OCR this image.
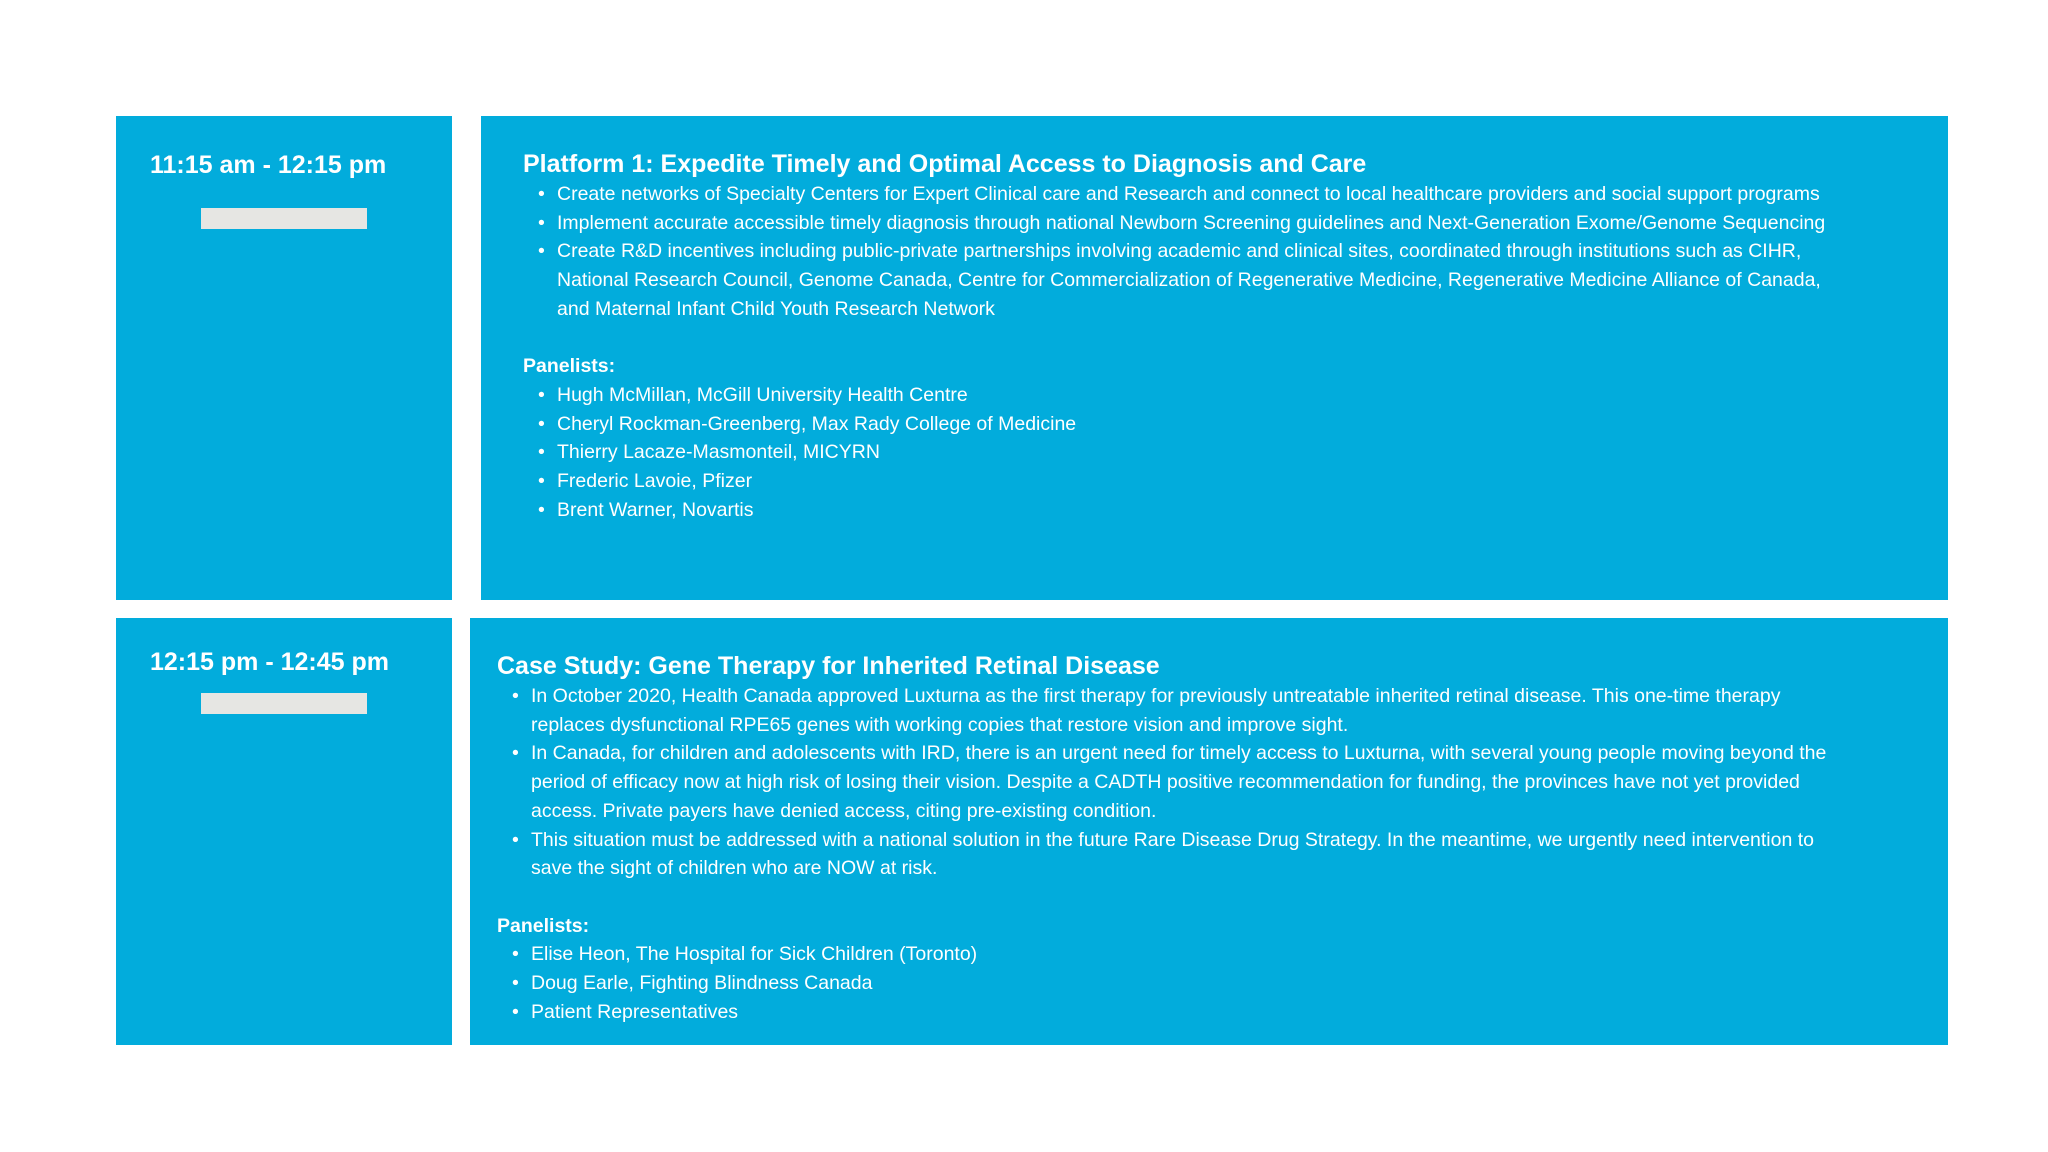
11:15 am - 12:15 pm	Platform 1: Expedite Timely and Optimal Access to Diagnosis and Care
• Create networks of Specialty Centers for Expert Clinical care and Research and connect to local healthcare providers and social support programs
• Implement accurate accessible timely diagnosis through national Newborn Screening guidelines and Next-Generation Exome/Genome Sequencing
• Create R&D incentives including public-private partnerships involving academic and clinical sites, coordinated through institutions such as CIHR, National Research Council, Genome Canada, Centre for Commercialization of Regenerative Medicine, Regenerative Medicine Alliance of Canada, and Maternal Infant Child Youth Research Network
Panelists:
• Hugh McMillan, McGill University Health Centre
• Cheryl Rockman-Greenberg, Max Rady College of Medicine
• Thierry Lacaze-Masmonteil, MICYRN
• Frederic Lavoie, Pfizer
• Brent Warner, Novartis
12:15 pm - 12:45 pm	Case Study: Gene Therapy for Inherited Retinal Disease
• In October 2020, Health Canada approved Luxturna as the first therapy for previously untreatable inherited retinal disease. This one-time therapy replaces dysfunctional RPE65 genes with working copies that restore vision and improve sight.
• In Canada, for children and adolescents with IRD, there is an urgent need for timely access to Luxturna, with several young people moving beyond the period of efficacy now at high risk of losing their vision. Despite a CADTH positive recommendation for funding, the provinces have not yet provided access. Private payers have denied access, citing pre-existing condition.
• This situation must be addressed with a national solution in the future Rare Disease Drug Strategy. In the meantime, we urgently need intervention to save the sight of children who are NOW at risk.
Panelists:
• Elise Heon, The Hospital for Sick Children (Toronto)
• Doug Earle, Fighting Blindness Canada
• Patient Representatives
